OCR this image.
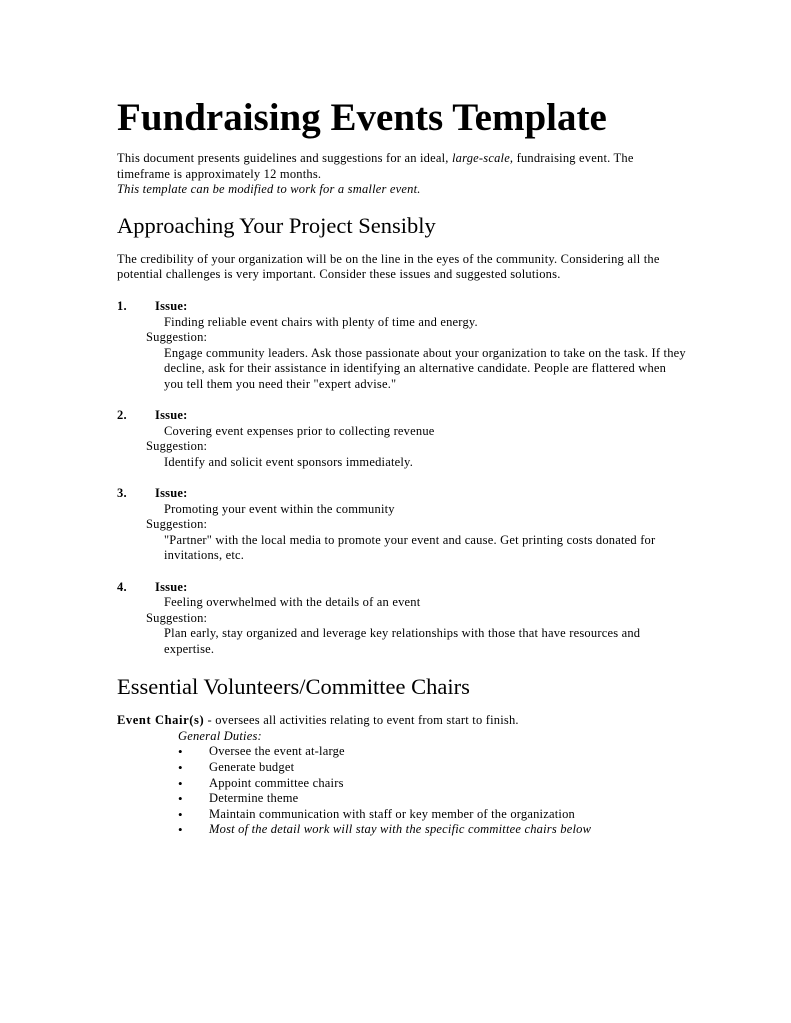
Fundraising Events Template

This document presents guidelines and suggestions for an ideal, large-scale, fundraising event. The timeframe is approximately 12 months.

This template can be modified to work for a smaller event.

Approaching Your Project Sensibly

The credibility of your organization will be on the line in the eyes of the community. Considering all the potential challenges is very important. Consider these issues and suggested solutions.

1. Issue:
Finding reliable event chairs with plenty of time and energy.
Suggestion:
Engage community leaders. Ask those passionate about your organization to take on the task. If they decline, ask for their assistance in identifying an alternative candidate. People are flattered when you tell them you need their "expert advise."
2. Issue:
Covering event expenses prior to collecting revenue
Suggestion:
Identify and solicit event sponsors immediately.
3. Issue:
Promoting your event within the community
Suggestion:
"Partner" with the local media to promote your event and cause. Get printing costs donated for invitations, etc.
4. Issue:
Feeling overwhelmed with the details of an event
Suggestion:
Plan early, stay organized and leverage key relationships with those that have resources and expertise.
Essential Volunteers/Committee Chairs
Event Chair(s) - oversees all activities relating to event from start to finish.
General Duties:
• Oversee the event at-large
• Generate budget
• Appoint committee chairs
• Determine theme
• Maintain communication with staff or key member of the organization
• Most of the detail work will stay with the specific committee chairs below
